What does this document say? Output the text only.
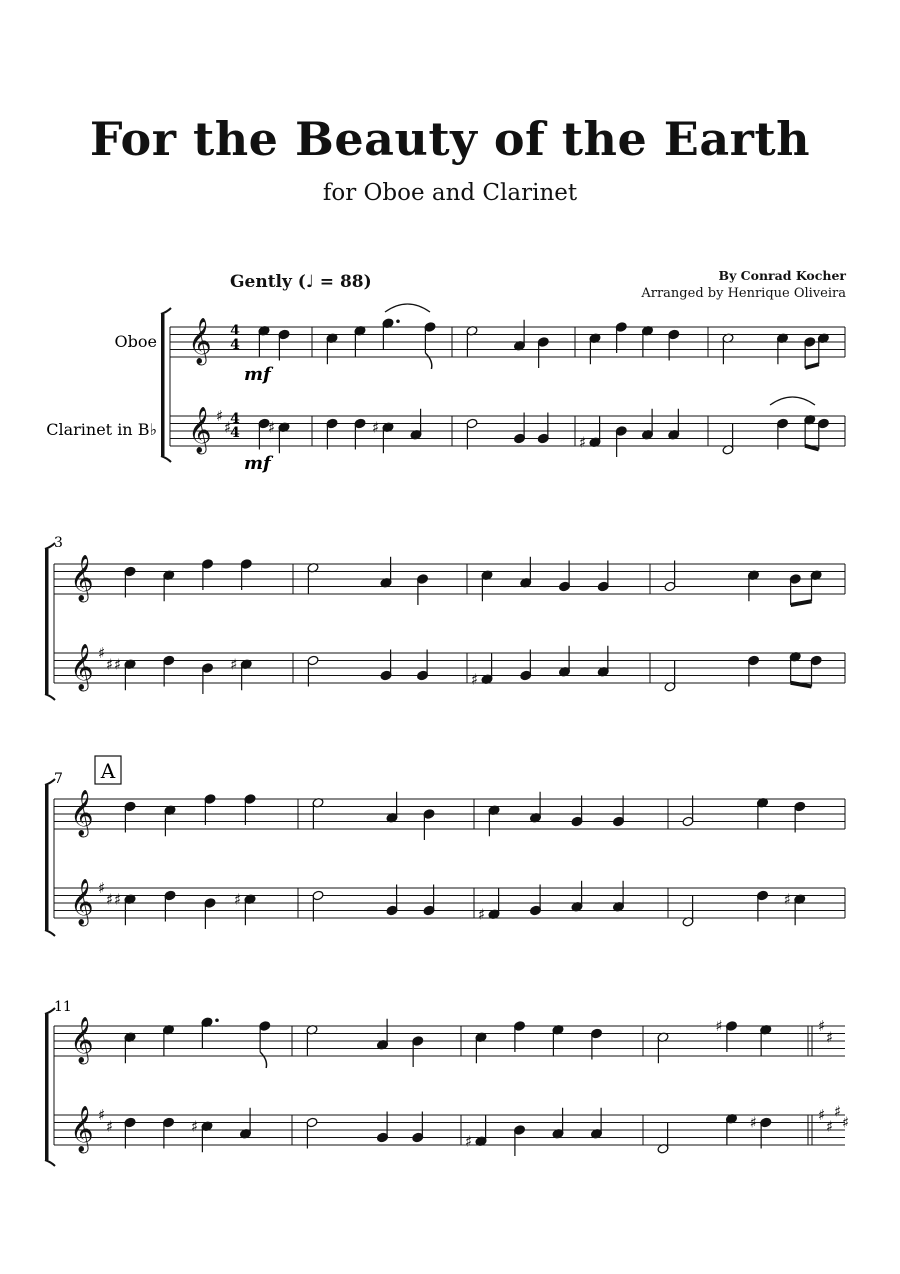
For the Beauty of the Earth
for Oboe and Clarinet
Gently (♩ = 88)	By Conrad Kocher
Arranged by Henrique Oliveira
Oboe
Clarinet in B♭
3
7
11
A
4
4
4
4
mf
mf
𝄞
𝄞 ♯
♯ ♯	♯
♯
𝄞
𝄞 ♯
♯ ♯	♯
♯
𝄞
𝄞 ♯
♯ ♯	♯
♯
♯
𝄞
𝄞 ♯
♯
♯
♯
♯
♯
♯
♯
♯
♯
♯
♯
